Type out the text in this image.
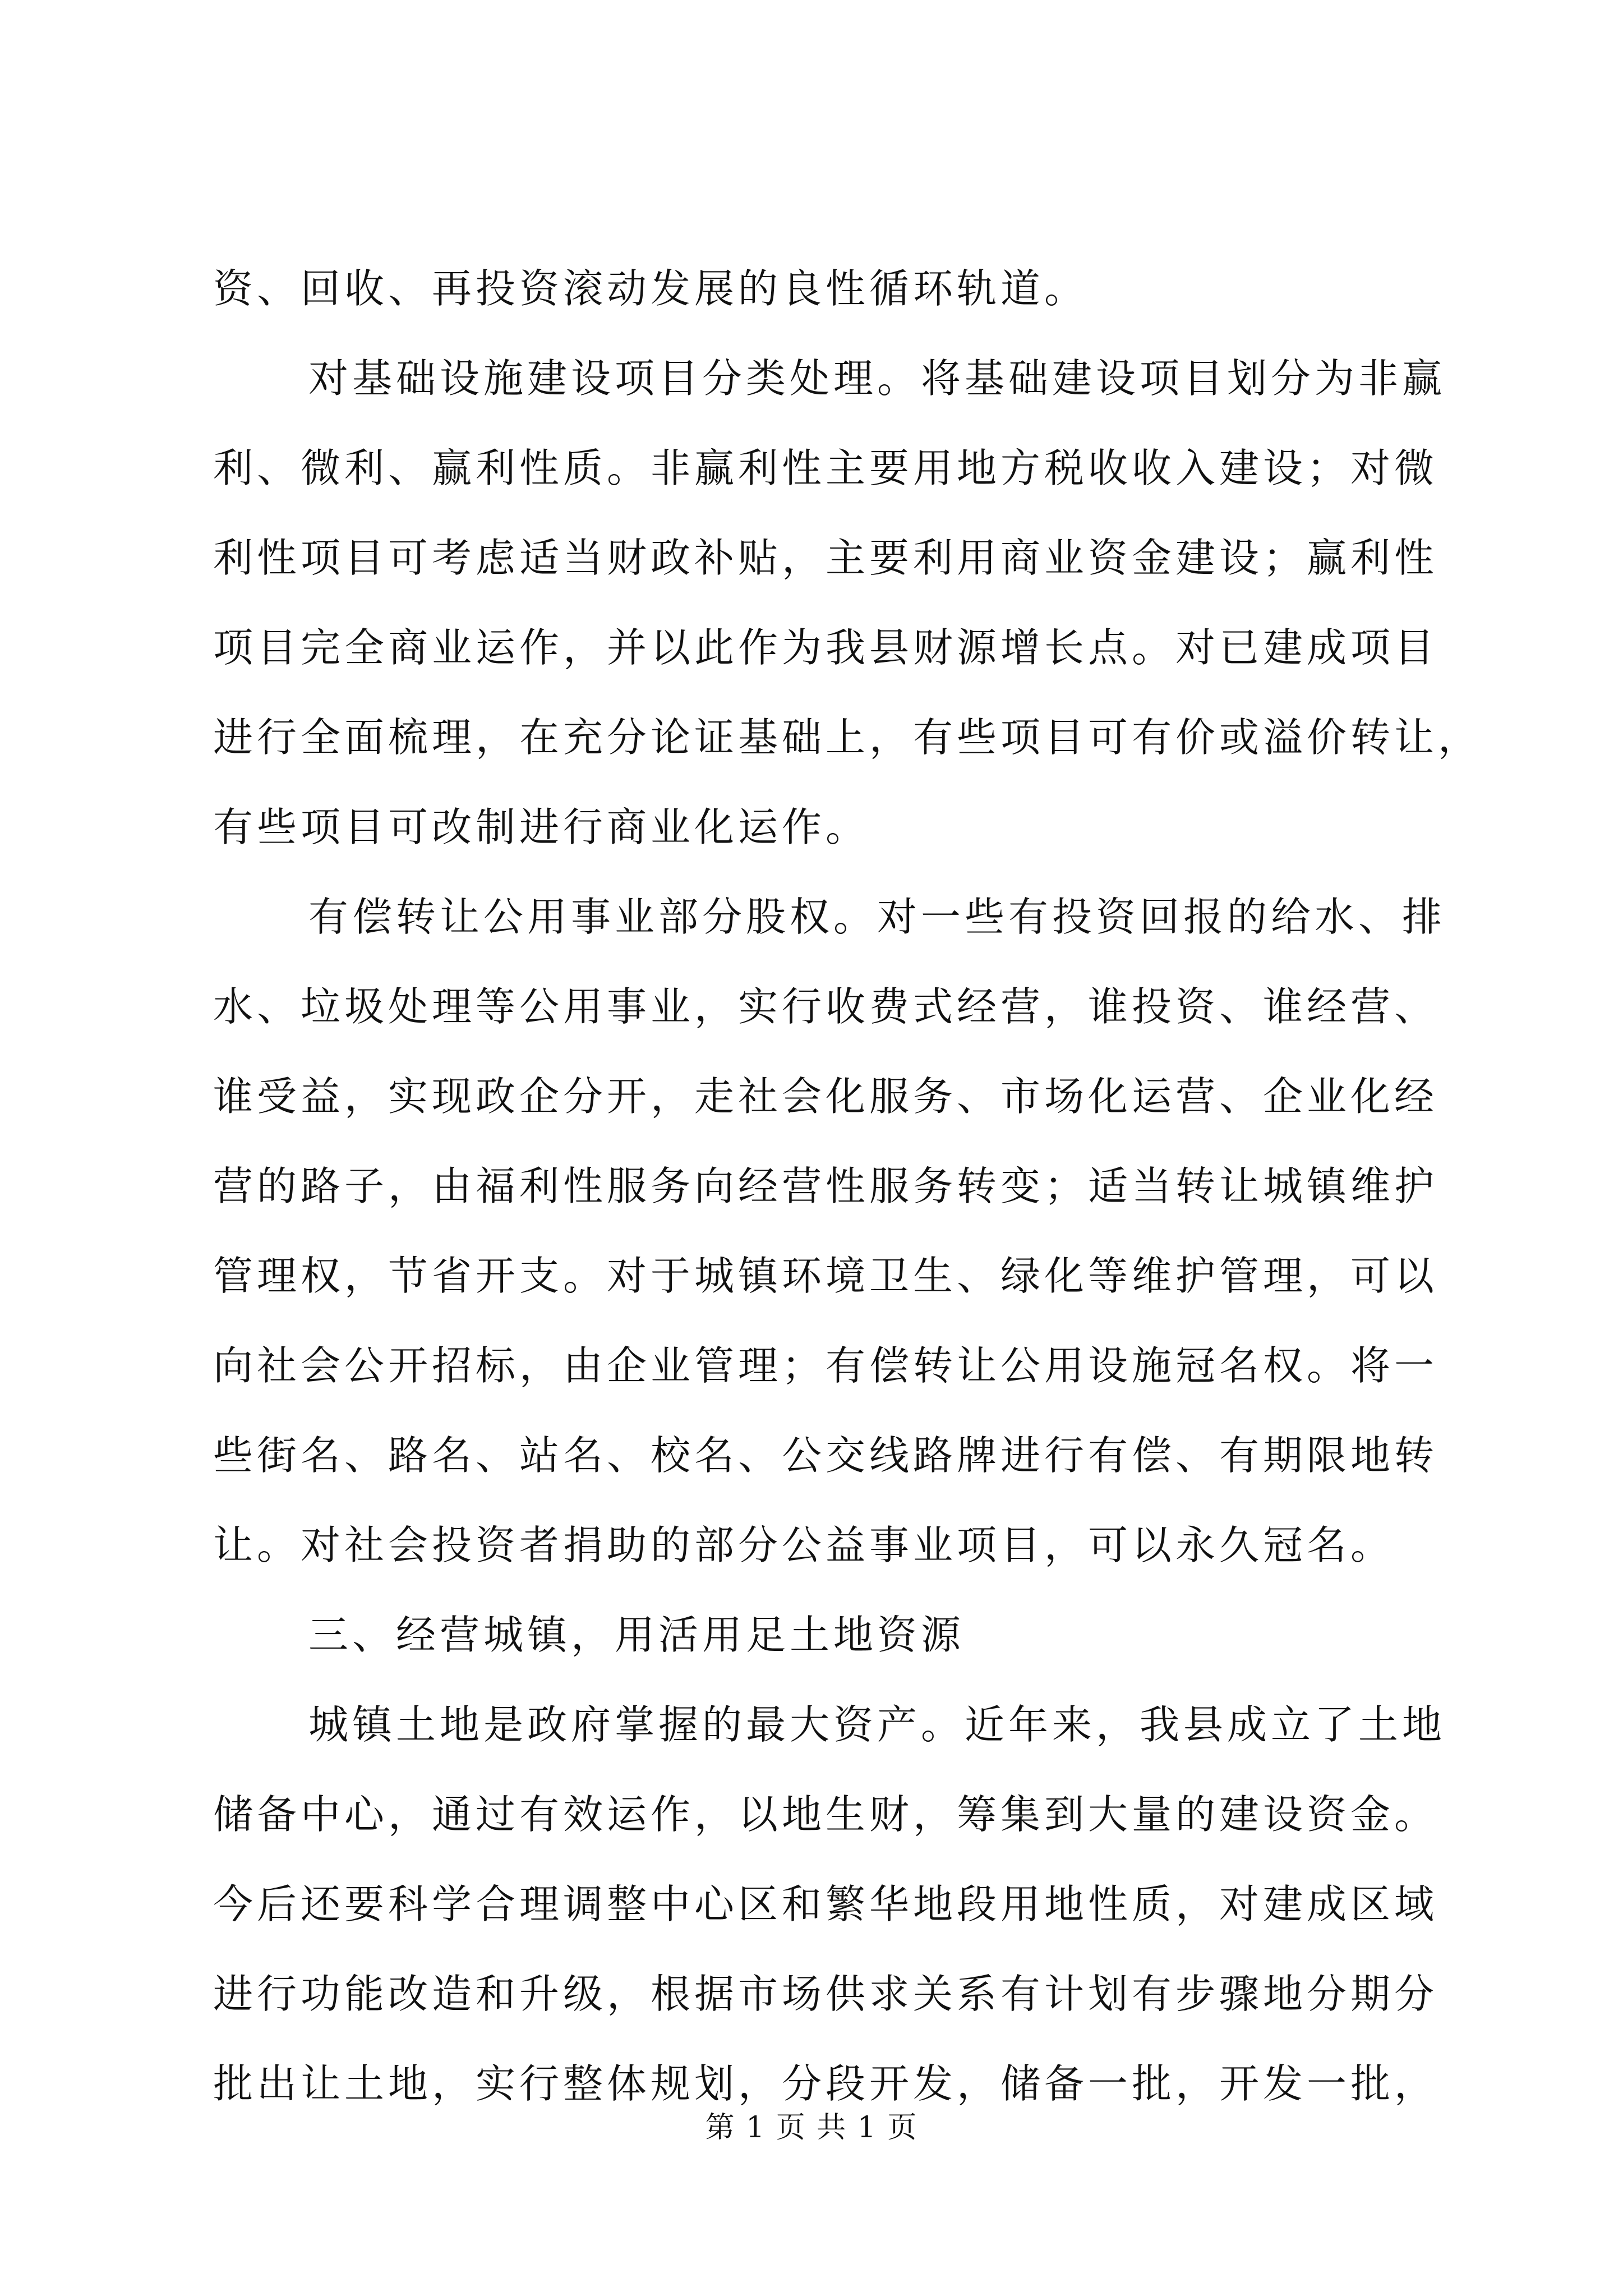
资、回收、再投资滚动发展的良性循环轨道。
对基础设施建设项目分类处理。将基础建设项目划分为非赢
利、微利、赢利性质。非赢利性主要用地方税收收入建设；对微
利性项目可考虑适当财政补贴，主要利用商业资金建设；赢利性
项目完全商业运作，并以此作为我县财源增长点。对已建成项目
进行全面梳理，在充分论证基础上，有些项目可有价或溢价转让，
有些项目可改制进行商业化运作。
有偿转让公用事业部分股权。对一些有投资回报的给水、排
水、垃圾处理等公用事业，实行收费式经营，谁投资、谁经营、
谁受益，实现政企分开，走社会化服务、市场化运营、企业化经
营的路子，由福利性服务向经营性服务转变；适当转让城镇维护
管理权，节省开支。对于城镇环境卫生、绿化等维护管理，可以
向社会公开招标，由企业管理；有偿转让公用设施冠名权。将一
些街名、路名、站名、校名、公交线路牌进行有偿、有期限地转
让。对社会投资者捐助的部分公益事业项目，可以永久冠名。
三、经营城镇，用活用足土地资源
城镇土地是政府掌握的最大资产。近年来，我县成立了土地
储备中心，通过有效运作，以地生财，筹集到大量的建设资金。
今后还要科学合理调整中心区和繁华地段用地性质，对建成区域
进行功能改造和升级，根据市场供求关系有计划有步骤地分期分
批出让土地，实行整体规划，分段开发，储备一批，开发一批，
第 1 页 共 1 页
